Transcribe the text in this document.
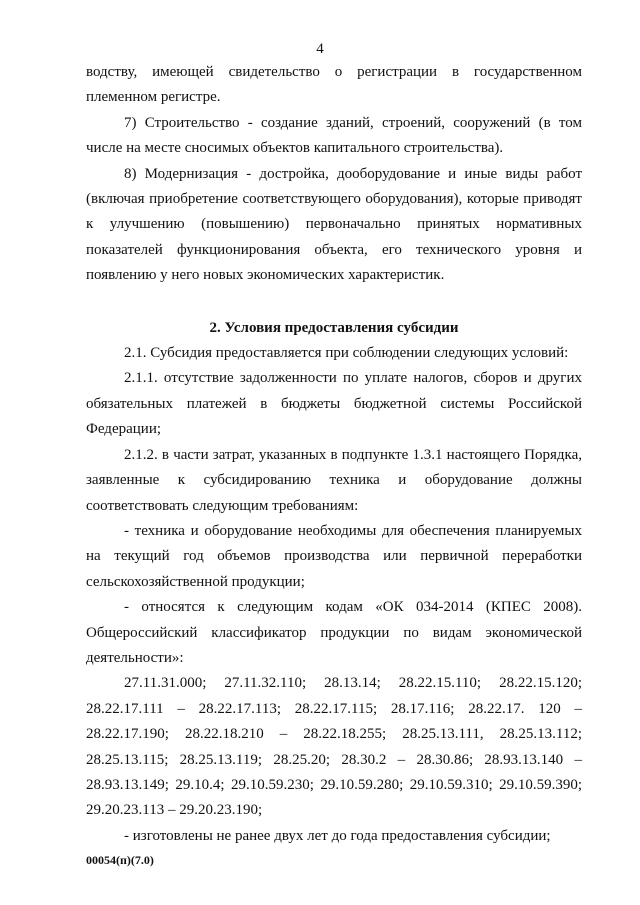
4

водству, имеющей свидетельство о регистрации в государственном племенном регистре.

7) Строительство - создание зданий, строений, сооружений (в том числе на месте сносимых объектов капитального строительства).

8) Модернизация - достройка, дооборудование и иные виды работ (включая приобретение соответствующего оборудования), которые приводят к улучшению (повышению) первоначально принятых нормативных показателей функционирования объекта, его технического уровня и появлению у него новых экономических характеристик.

2. Условия предоставления субсидии

2.1. Субсидия предоставляется при соблюдении следующих условий:

2.1.1. отсутствие задолженности по уплате налогов, сборов и других обязательных платежей в бюджеты бюджетной системы Российской Федерации;

2.1.2. в части затрат, указанных в подпункте 1.3.1 настоящего Порядка, заявленные к субсидированию техника и оборудование должны соответствовать следующим требованиям:

- техника и оборудование необходимы для обеспечения планируемых на текущий год объемов производства или первичной переработки сельскохозяйственной продукции;

- относятся к следующим кодам «ОК 034-2014 (КПЕС 2008). Общероссийский классификатор продукции по видам экономической деятельности»:

27.11.31.000; 27.11.32.110; 28.13.14; 28.22.15.110; 28.22.15.120; 28.22.17.111 – 28.22.17.113; 28.22.17.115; 28.17.116; 28.22.17. 120 – 28.22.17.190; 28.22.18.210 – 28.22.18.255; 28.25.13.111, 28.25.13.112; 28.25.13.115; 28.25.13.119; 28.25.20; 28.30.2 – 28.30.86; 28.93.13.140 – 28.93.13.149; 29.10.4; 29.10.59.230; 29.10.59.280; 29.10.59.310; 29.10.59.390; 29.20.23.113 – 29.20.23.190;

- изготовлены не ранее двух лет до года предоставления субсидии;

00054(п)(7.0)
